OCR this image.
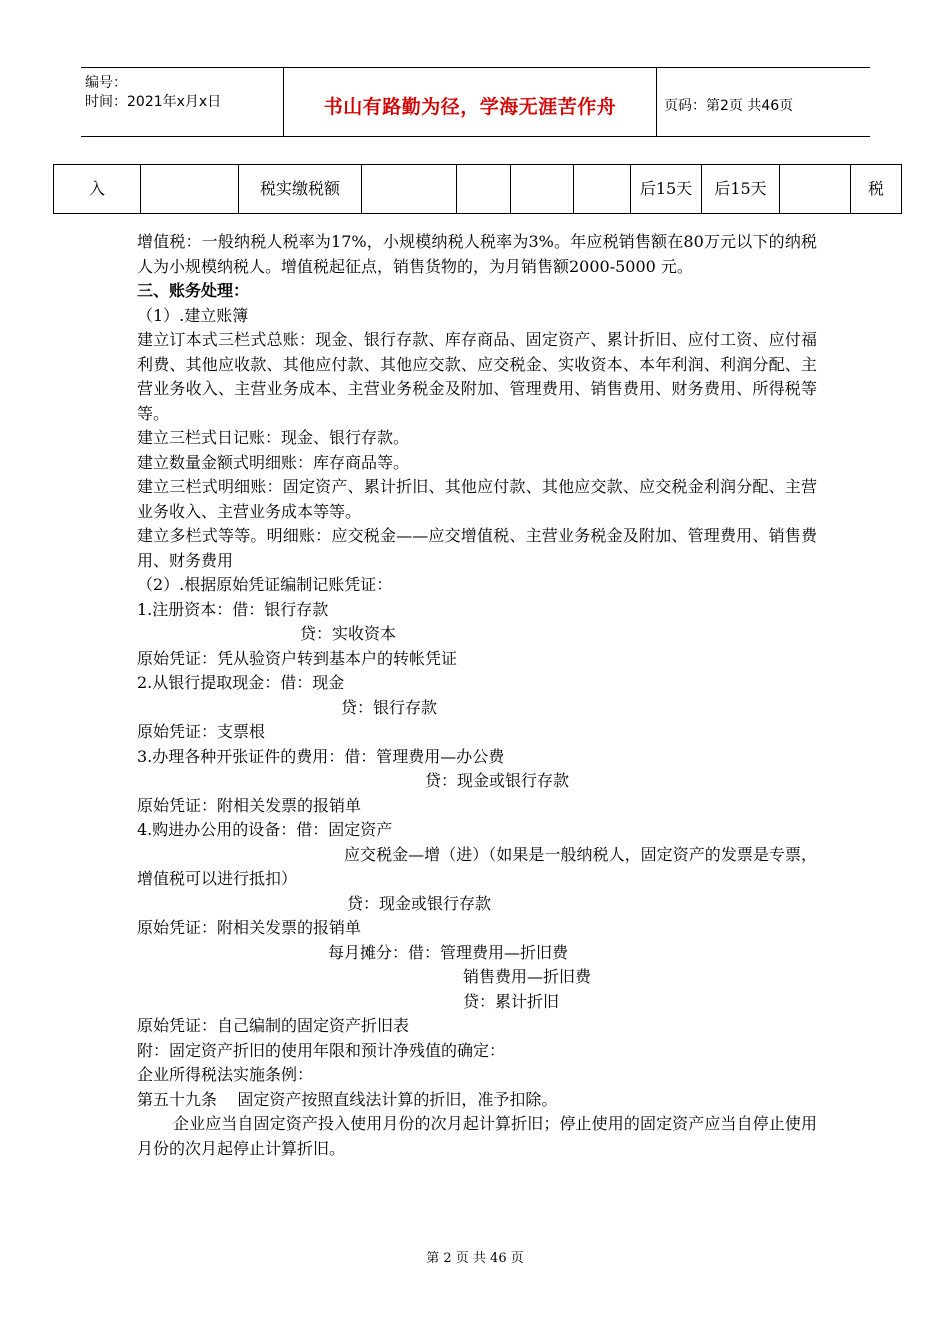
编号：
时间：2021年x月x日	书山有路勤为径，学海无涯苦作舟	页码：第2页 共46页
入		税实缴税额					后15天	后15天		税

增值税：一般纳税人税率为17%，小规模纳税人税率为3%。年应税销售额在80万元以下的纳税人为小规模纳税人。增值税起征点，销售货物的，为月销售额2000-5000 元。

三、账务处理：

（1）.建立账簿

建立订本式三栏式总账：现金、银行存款、库存商品、固定资产、累计折旧、应付工资、应付福利费、其他应收款、其他应付款、其他应交款、应交税金、实收资本、本年利润、利润分配、主营业务收入、主营业务成本、主营业务税金及附加、管理费用、销售费用、财务费用、所得税等等。

建立三栏式日记账：现金、银行存款。

建立数量金额式明细账：库存商品等。

建立三栏式明细账：固定资产、累计折旧、其他应付款、其他应交款、应交税金利润分配、主营业务收入、主营业务成本等等。

建立多栏式等等。明细账：应交税金——应交增值税、主营业务税金及附加、管理费用、销售费用、财务费用

（2）.根据原始凭证编制记账凭证：

1.注册资本：借：银行存款

贷：实收资本

原始凭证：凭从验资户转到基本户的转帐凭证

2.从银行提取现金：借：现金

贷：银行存款

原始凭证：支票根

3.办理各种开张证件的费用：借：管理费用—办公费

贷：现金或银行存款

原始凭证：附相关发票的报销单

4.购进办公用的设备：借：固定资产

应交税金—增（进）（如果是一般纳税人，固定资产的发票是专票，增值税可以进行抵扣）

贷：现金或银行存款

原始凭证：附相关发票的报销单

每月摊分：借：管理费用—折旧费

销售费用—折旧费

贷：累计折旧

原始凭证：自己编制的固定资产折旧表

附：固定资产折旧的使用年限和预计净残值的确定：

企业所得税法实施条例：

第五十九条    固定资产按照直线法计算的折旧，准予扣除。

企业应当自固定资产投入使用月份的次月起计算折旧；停止使用的固定资产应当自停止使用月份的次月起停止计算折旧。

第 2 页 共 46 页
